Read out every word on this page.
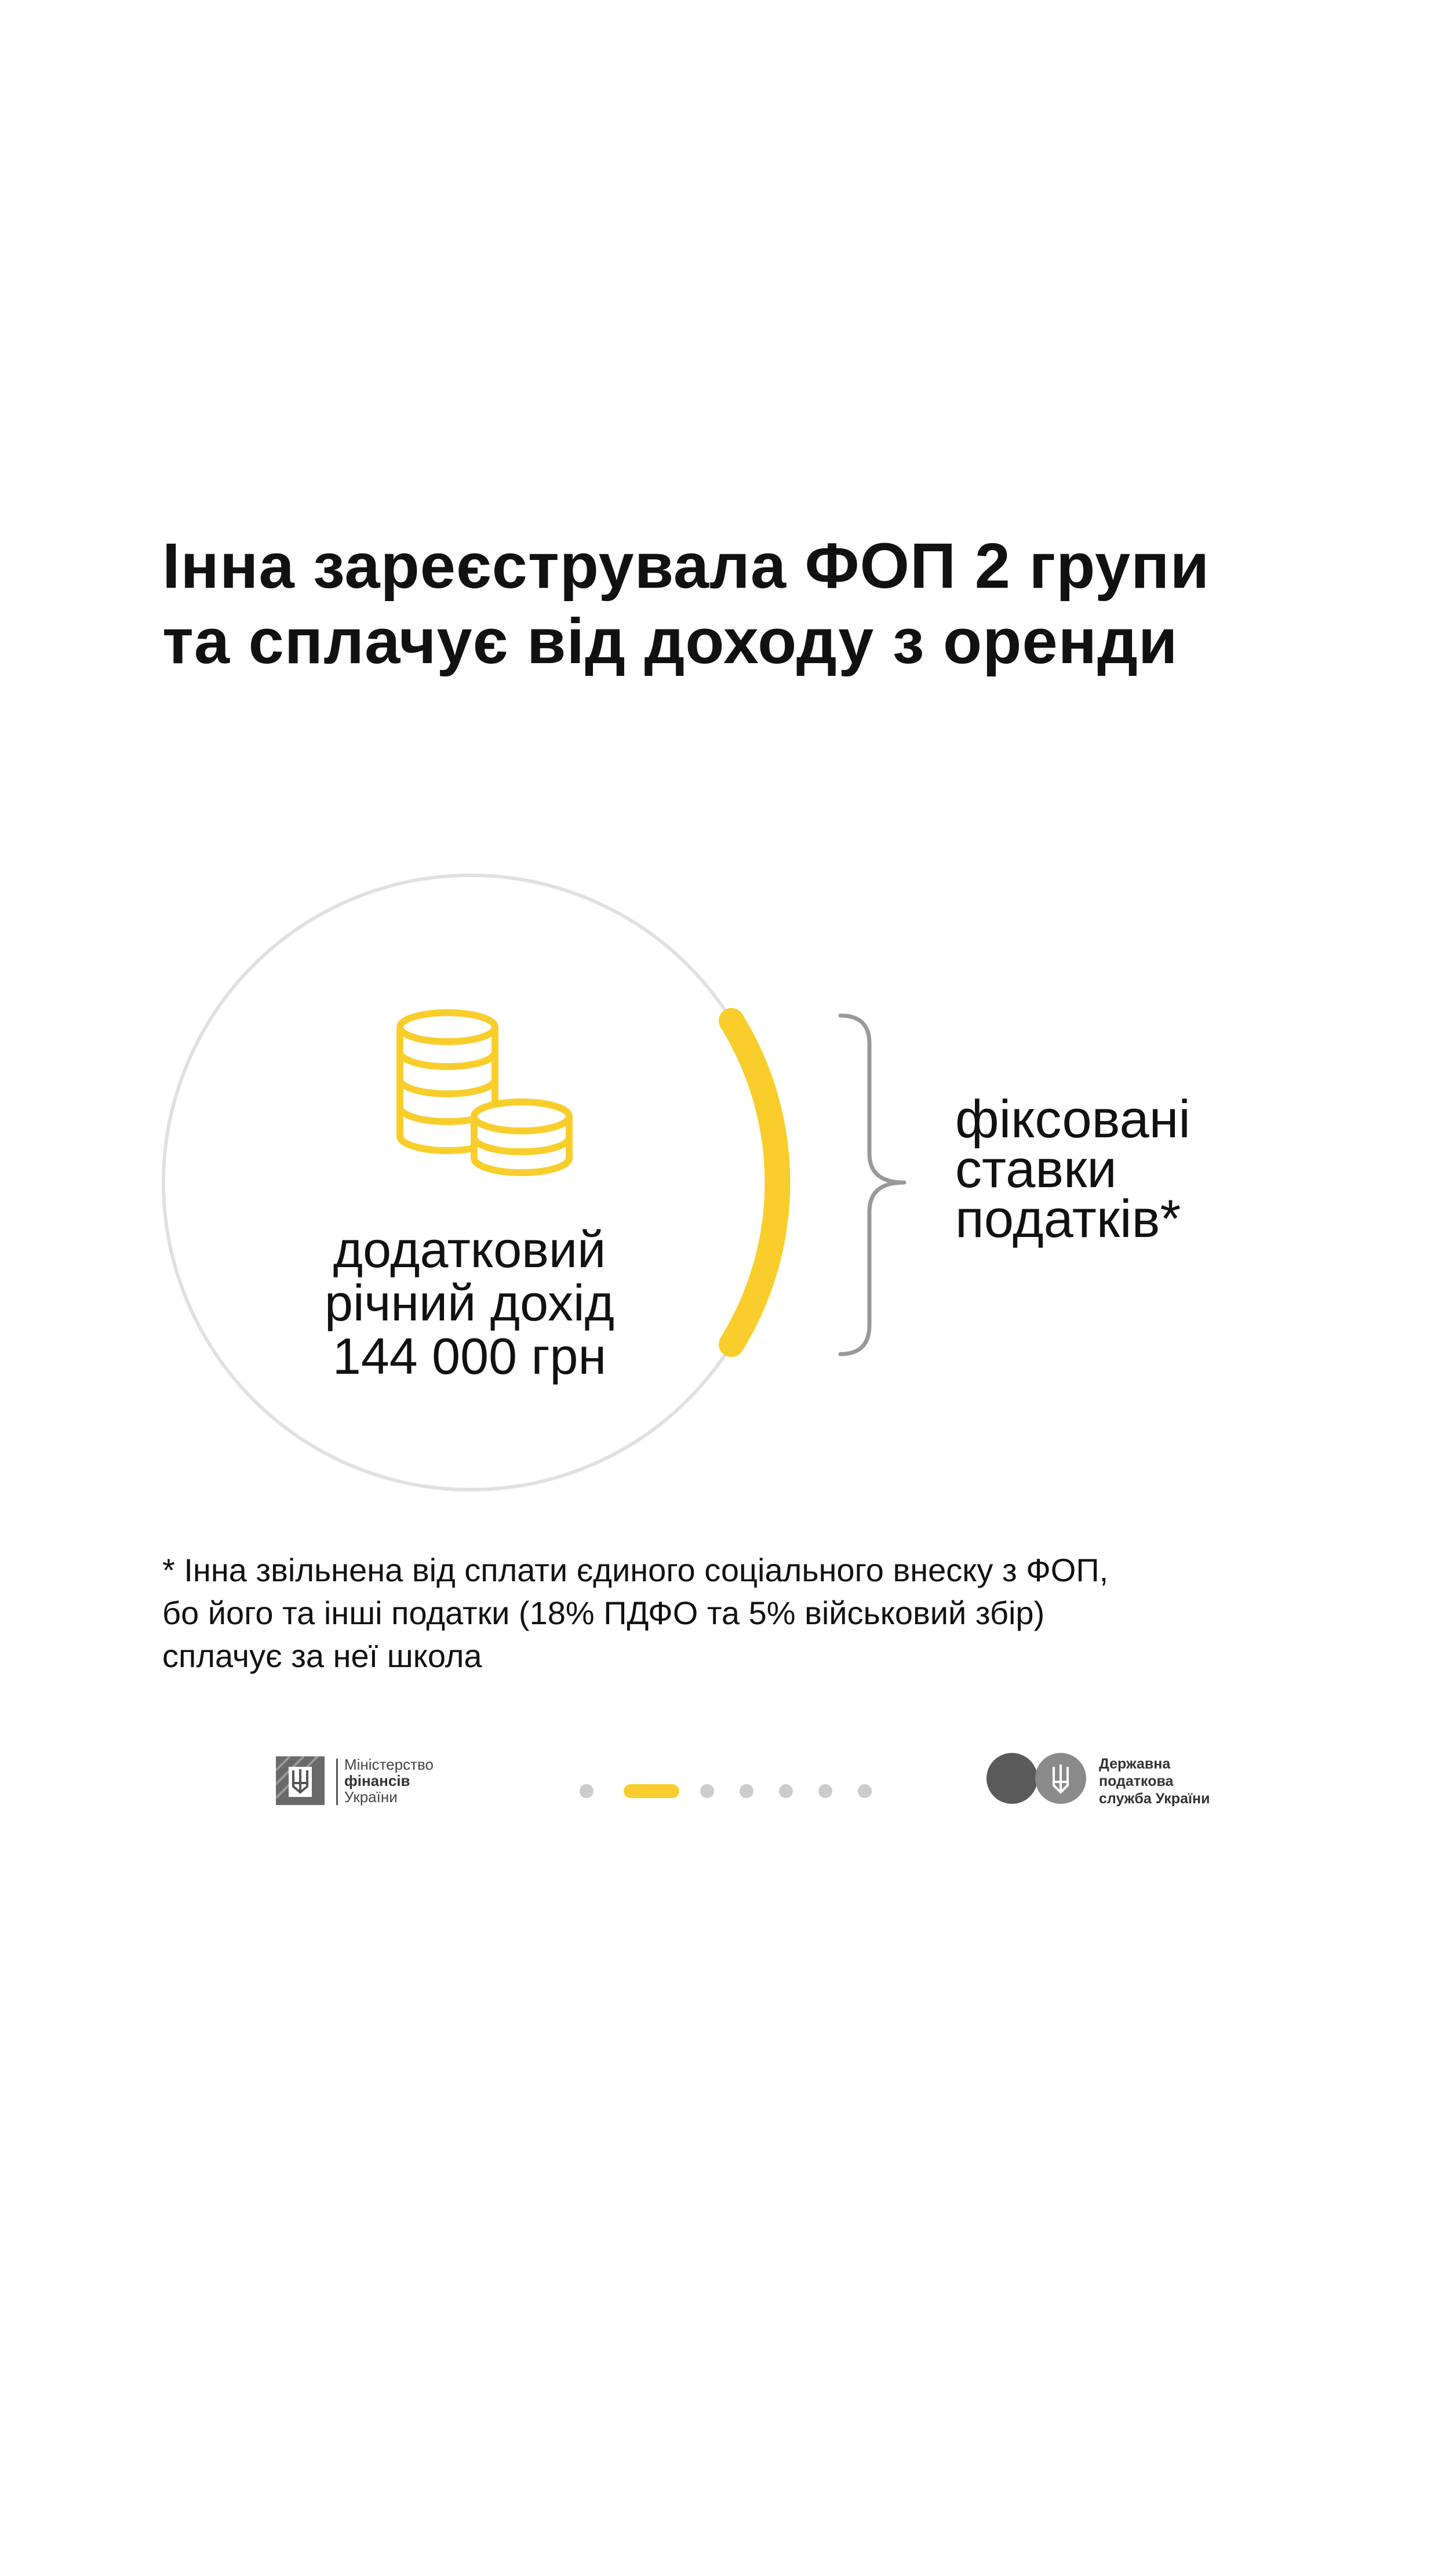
Інна зареєструвала ФОП 2 групи
та сплачує від доходу з оренди
додатковий
річний дохід
144 000 грн
фіксовані
ставки
податків*
* Інна звільнена від сплати єдиного соціального внеску з ФОП,
бо його та інші податки (18% ПДФО та 5% військовий збір)
сплачує за неї школа
Міністерство
фінансів
України
Державна
податкова
служба України
